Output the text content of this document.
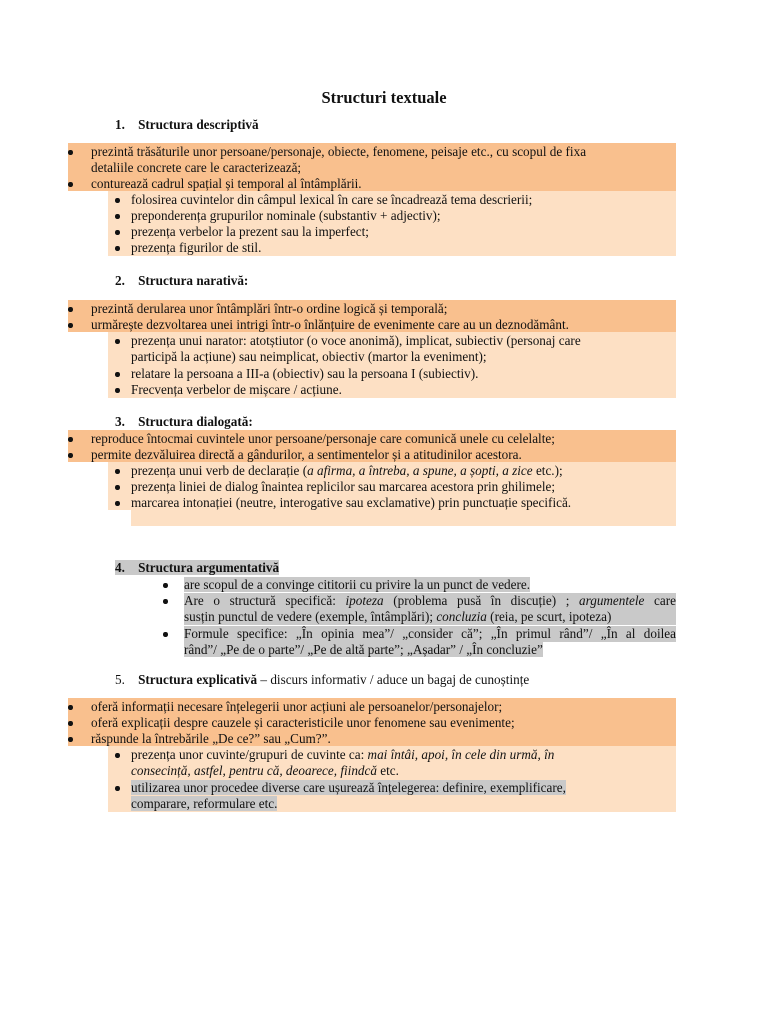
Structuri textuale
1. Structura descriptivă
prezintă trăsăturile unor persoane/personaje, obiecte, fenomene, peisaje etc., cu scopul de fixa
detaliile concrete care le caracterizează;
conturează cadrul spațial și temporal al întâmplării.
folosirea cuvintelor din câmpul lexical în care se încadrează tema descrierii;
preponderența grupurilor nominale (substantiv + adjectiv);
prezența verbelor la prezent sau la imperfect;
prezența figurilor de stil.
2. Structura narativă:
prezintă derularea unor întâmplări într-o ordine logică și temporală;
urmărește dezvoltarea unei intrigi într-o înlănțuire de evenimente care au un deznodământ.
prezența unui narator: atotștiutor (o voce anonimă), implicat, subiectiv (personaj care
participă la acțiune) sau neimplicat, obiectiv (martor la eveniment);
relatare la persoana a III-a (obiectiv) sau la persoana I (subiectiv).
Frecvența verbelor de mișcare / acțiune.
3. Structura dialogată:
reproduce întocmai cuvintele unor persoane/personaje care comunică unele cu celelalte;
permite dezvăluirea directă a gândurilor, a sentimentelor și a atitudinilor acestora.
prezența unui verb de declarație (a afirma, a întreba, a spune, a șopti, a zice etc.);
prezența liniei de dialog înaintea replicilor sau marcarea acestora prin ghilimele;
marcarea intonației (neutre, interogative sau exclamative) prin punctuație specifică.
4. Structura argumentativă
are scopul de a convinge cititorii cu privire la un punct de vedere.
Are o structură specifică: ipoteza (problema pusă în discuție) ; argumentele care
susțin punctul de vedere (exemple, întâmplări); concluzia (reia, pe scurt, ipoteza)
Formule specifice: „În opinia mea”/ „consider că”; „În primul rând”/ „În al doilea
rând”/ „Pe de o parte”/ „Pe de altă parte”; „Așadar” / „În concluzie”
5. Structura explicativă – discurs informativ / aduce un bagaj de cunoștințe
oferă informații necesare înțelegerii unor acțiuni ale persoanelor/personajelor;
oferă explicații despre cauzele și caracteristicile unor fenomene sau evenimente;
răspunde la întrebările „De ce?” sau „Cum?”.
prezența unor cuvinte/grupuri de cuvinte ca: mai întâi, apoi, în cele din urmă, în
consecință, astfel, pentru că, deoarece, fiindcă etc.
utilizarea unor procedee diverse care ușurează înțelegerea: definire, exemplificare,
comparare, reformulare etc.
